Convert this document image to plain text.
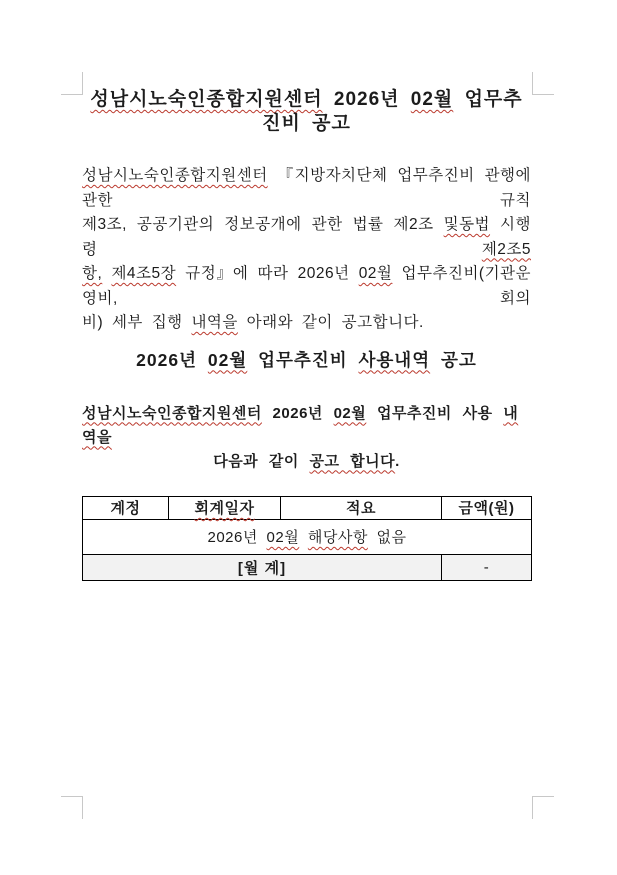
성남시노숙인종합지원센터 2026년 02월 업무추진비 공고
성남시노숙인종합지원센터 『지방자치단체 업무추진비 관행에 관한 규칙
제3조, 공공기관의 정보공개에 관한 법률 제2조 및동법 시행령 제2조5
항, 제4조5장 규정』에 따라 2026년 02월 업무추진비(기관운영비, 회의
비) 세부 집행 내역을 아래와 같이 공고합니다.
2026년 02월 업무추진비 사용내역 공고
성남시노숙인종합지원센터 2026년 02월 업무추진비 사용 내역을
다음과 같이 공고 합니다.
계정	회계일자	적요	금액(원)
2026년 02월 해당사항 없음			
[월 계]			-
